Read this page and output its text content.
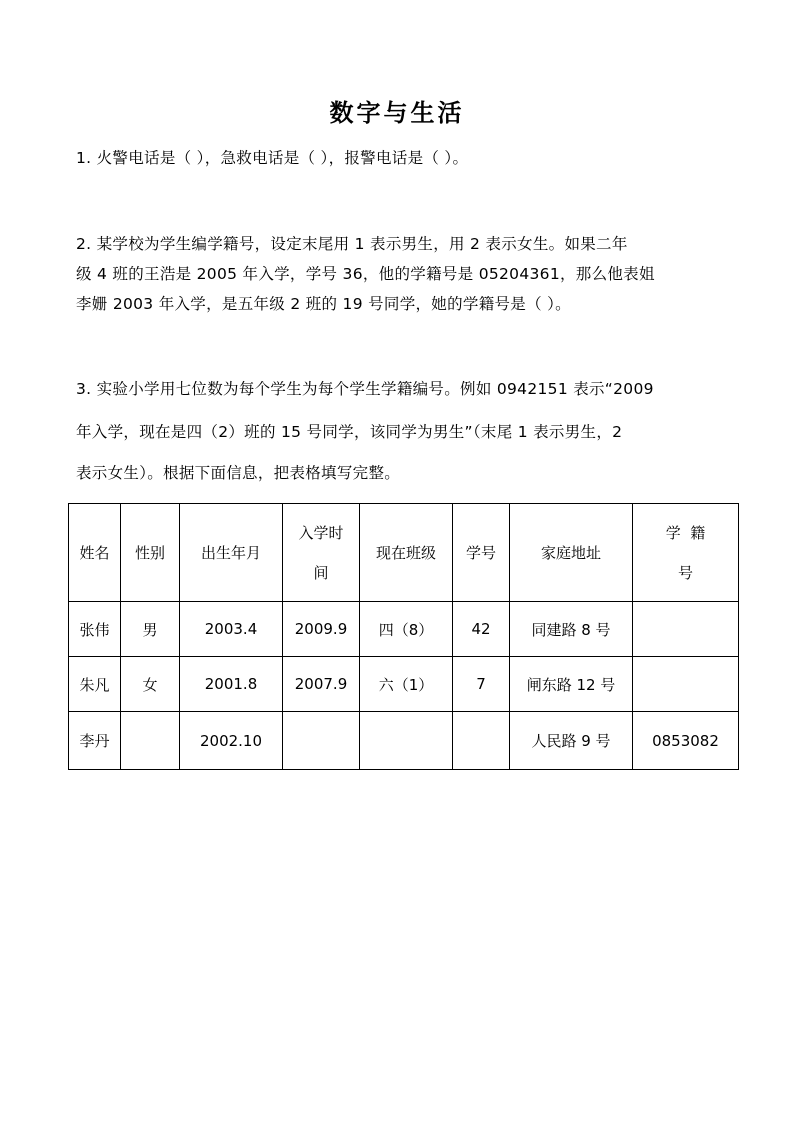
数字与生活
1. 火警电话是（ ），急救电话是（ ），报警电话是（ ）。
2. 某学校为学生编学籍号，设定末尾用 1 表示男生，用 2 表示女生。如果二年
级 4 班的王浩是 2005 年入学，学号 36，他的学籍号是 05204361，那么他表姐
李姗 2003 年入学，是五年级 2 班的 19 号同学，她的学籍号是（ ）。
3. 实验小学用七位数为每个学生为每个学生学籍编号。例如 0942151 表示“2009
年入学，现在是四（2）班的 15 号同学，该同学为男生”（末尾 1 表示男生，2
表示女生）。根据下面信息，把表格填写完整。
姓名	性别	出生年月	入学时
间	现在班级	学号	家庭地址	学  籍
号

张伟	男	2003.4	2009.9	四（8）	42	同建路 8 号	
朱凡	女	2001.8	2007.9	六（1）	7	闸东路 12 号	
李丹		2002.10				人民路 9 号	0853082
